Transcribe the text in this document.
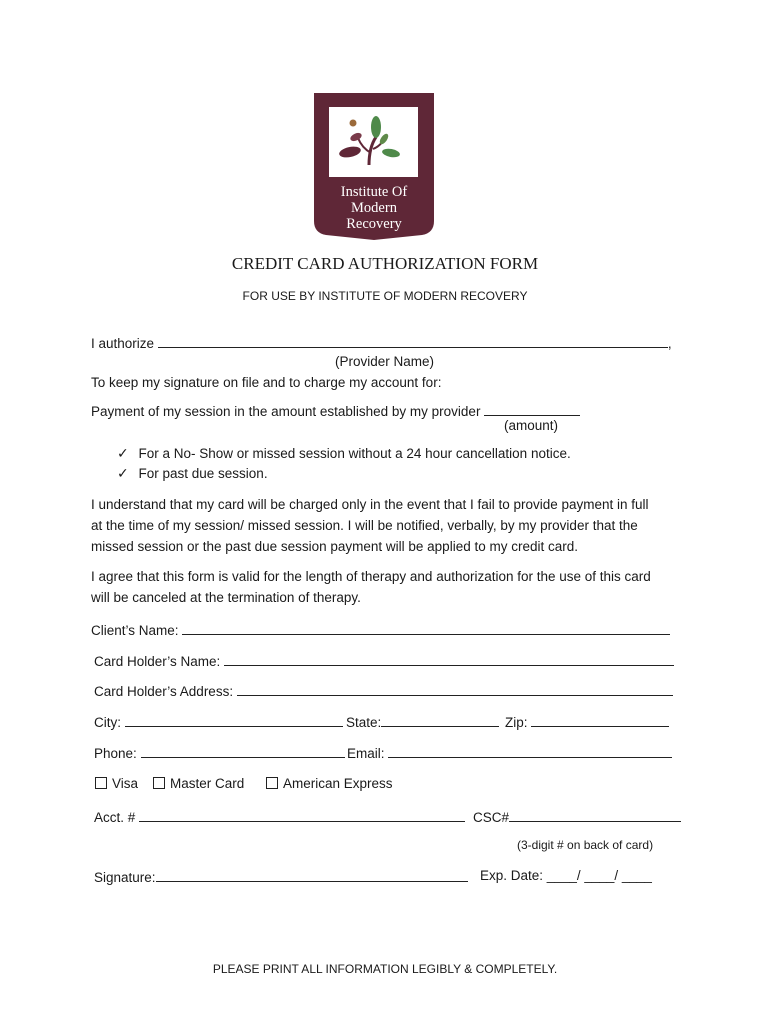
Institute Of
Modern
Recovery
CREDIT CARD AUTHORIZATION FORM
FOR USE BY INSTITUTE OF MODERN RECOVERY
I authorize	,
(Provider Name)
To keep my signature on file and to charge my account for:
Payment of my session in the amount established by my provider
(amount)
✓ For a No- Show or missed session without a 24 hour cancellation notice.
✓ For past due session.
I understand that my card will be charged only in the event that I fail to provide payment in full
at the time of my session/ missed session. I will be notified, verbally, by my provider that the
missed session or the past due session payment will be applied to my credit card.
I agree that this form is valid for the length of therapy and authorization for the use of this card
will be canceled at the termination of therapy.
Client’s Name:
Card Holder’s Name:
Card Holder’s Address:
City:	State:	Zip:
Phone:	Email:
Visa	Master Card	American Express
Acct. #	CSC#
(3-digit # on back of card)
Signature:	Exp. Date: ____/ ____/ ____
PLEASE PRINT ALL INFORMATION LEGIBLY & COMPLETELY.
